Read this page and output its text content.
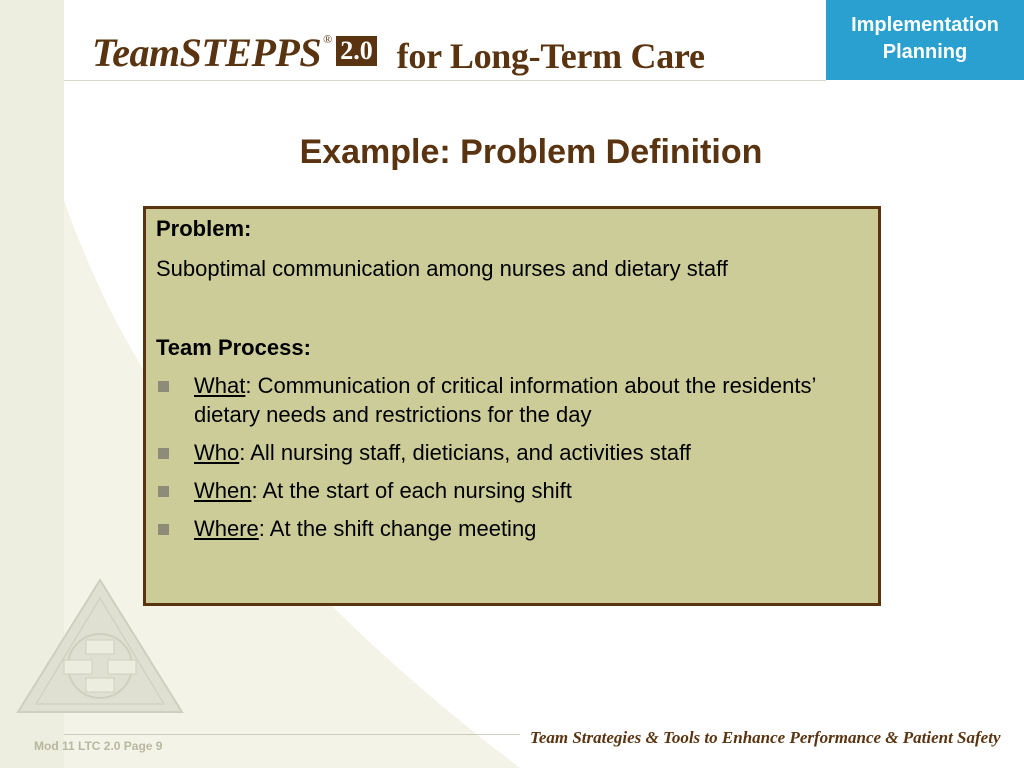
TeamSTEPPS ® 2.0 for Long-Term Care
Implementation
Planning
Example: Problem Definition

Problem:

Suboptimal communication among nurses and dietary staff

Team Process:

What: Communication of critical information about the residents’ dietary needs and restrictions for the day
Who: All nursing staff, dieticians, and activities staff
When: At the start of each nursing shift
Where: At the shift change meeting
Mod 11 LTC 2.0 Page 9	Team Strategies & Tools to Enhance Performance & Patient Safety
